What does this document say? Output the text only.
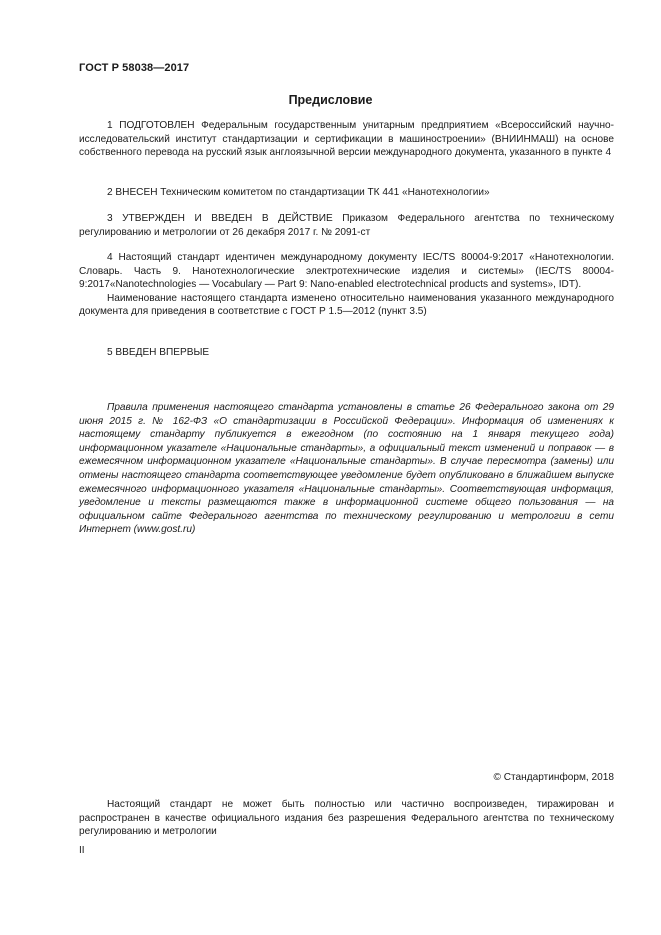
ГОСТ Р 58038—2017
Предисловие

1 ПОДГОТОВЛЕН Федеральным государственным унитарным предприятием «Всероссийский научно-исследовательский институт стандартизации и сертификации в машиностроении» (ВНИИНМАШ) на основе собственного перевода на русский язык англоязычной версии международного документа, указанного в пункте 4

2 ВНЕСЕН Техническим комитетом по стандартизации ТК 441 «Нанотехнологии»

3 УТВЕРЖДЕН И ВВЕДЕН В ДЕЙСТВИЕ Приказом Федерального агентства по техническому регулированию и метрологии от 26 декабря 2017 г. № 2091-ст

4 Настоящий стандарт идентичен международному документу IEC/TS 80004-9:2017 «Нанотехнологии. Словарь. Часть 9. Нанотехнологические электротехнические изделия и системы» (IEC/TS 80004-9:2017«Nanotechnologies — Vocabulary — Part 9: Nano-enabled electrotechnical products and systems», IDT).

Наименование настоящего стандарта изменено относительно наименования указанного международного документа для приведения в соответствие с ГОСТ Р 1.5—2012 (пункт 3.5)

5 ВВЕДЕН ВПЕРВЫЕ

Правила применения настоящего стандарта установлены в статье 26 Федерального закона от 29 июня 2015 г. № 162-ФЗ «О стандартизации в Российской Федерации». Информация об изменениях к настоящему стандарту публикуется в ежегодном (по состоянию на 1 января текущего года) информационном указателе «Национальные стандарты», а официальный текст изменений и поправок — в ежемесячном информационном указателе «Национальные стандарты». В случае пересмотра (замены) или отмены настоящего стандарта соответствующее уведомление будет опубликовано в ближайшем выпуске ежемесячного информационного указателя «Национальные стандарты». Соответствующая информация, уведомление и тексты размещаются также в информационной системе общего пользования — на официальном сайте Федерального агентства по техническому регулированию и метрологии в сети Интернет (www.gost.ru)

© Стандартинформ, 2018

Настоящий стандарт не может быть полностью или частично воспроизведен, тиражирован и распространен в качестве официального издания без разрешения Федерального агентства по техническому регулированию и метрологии

II
